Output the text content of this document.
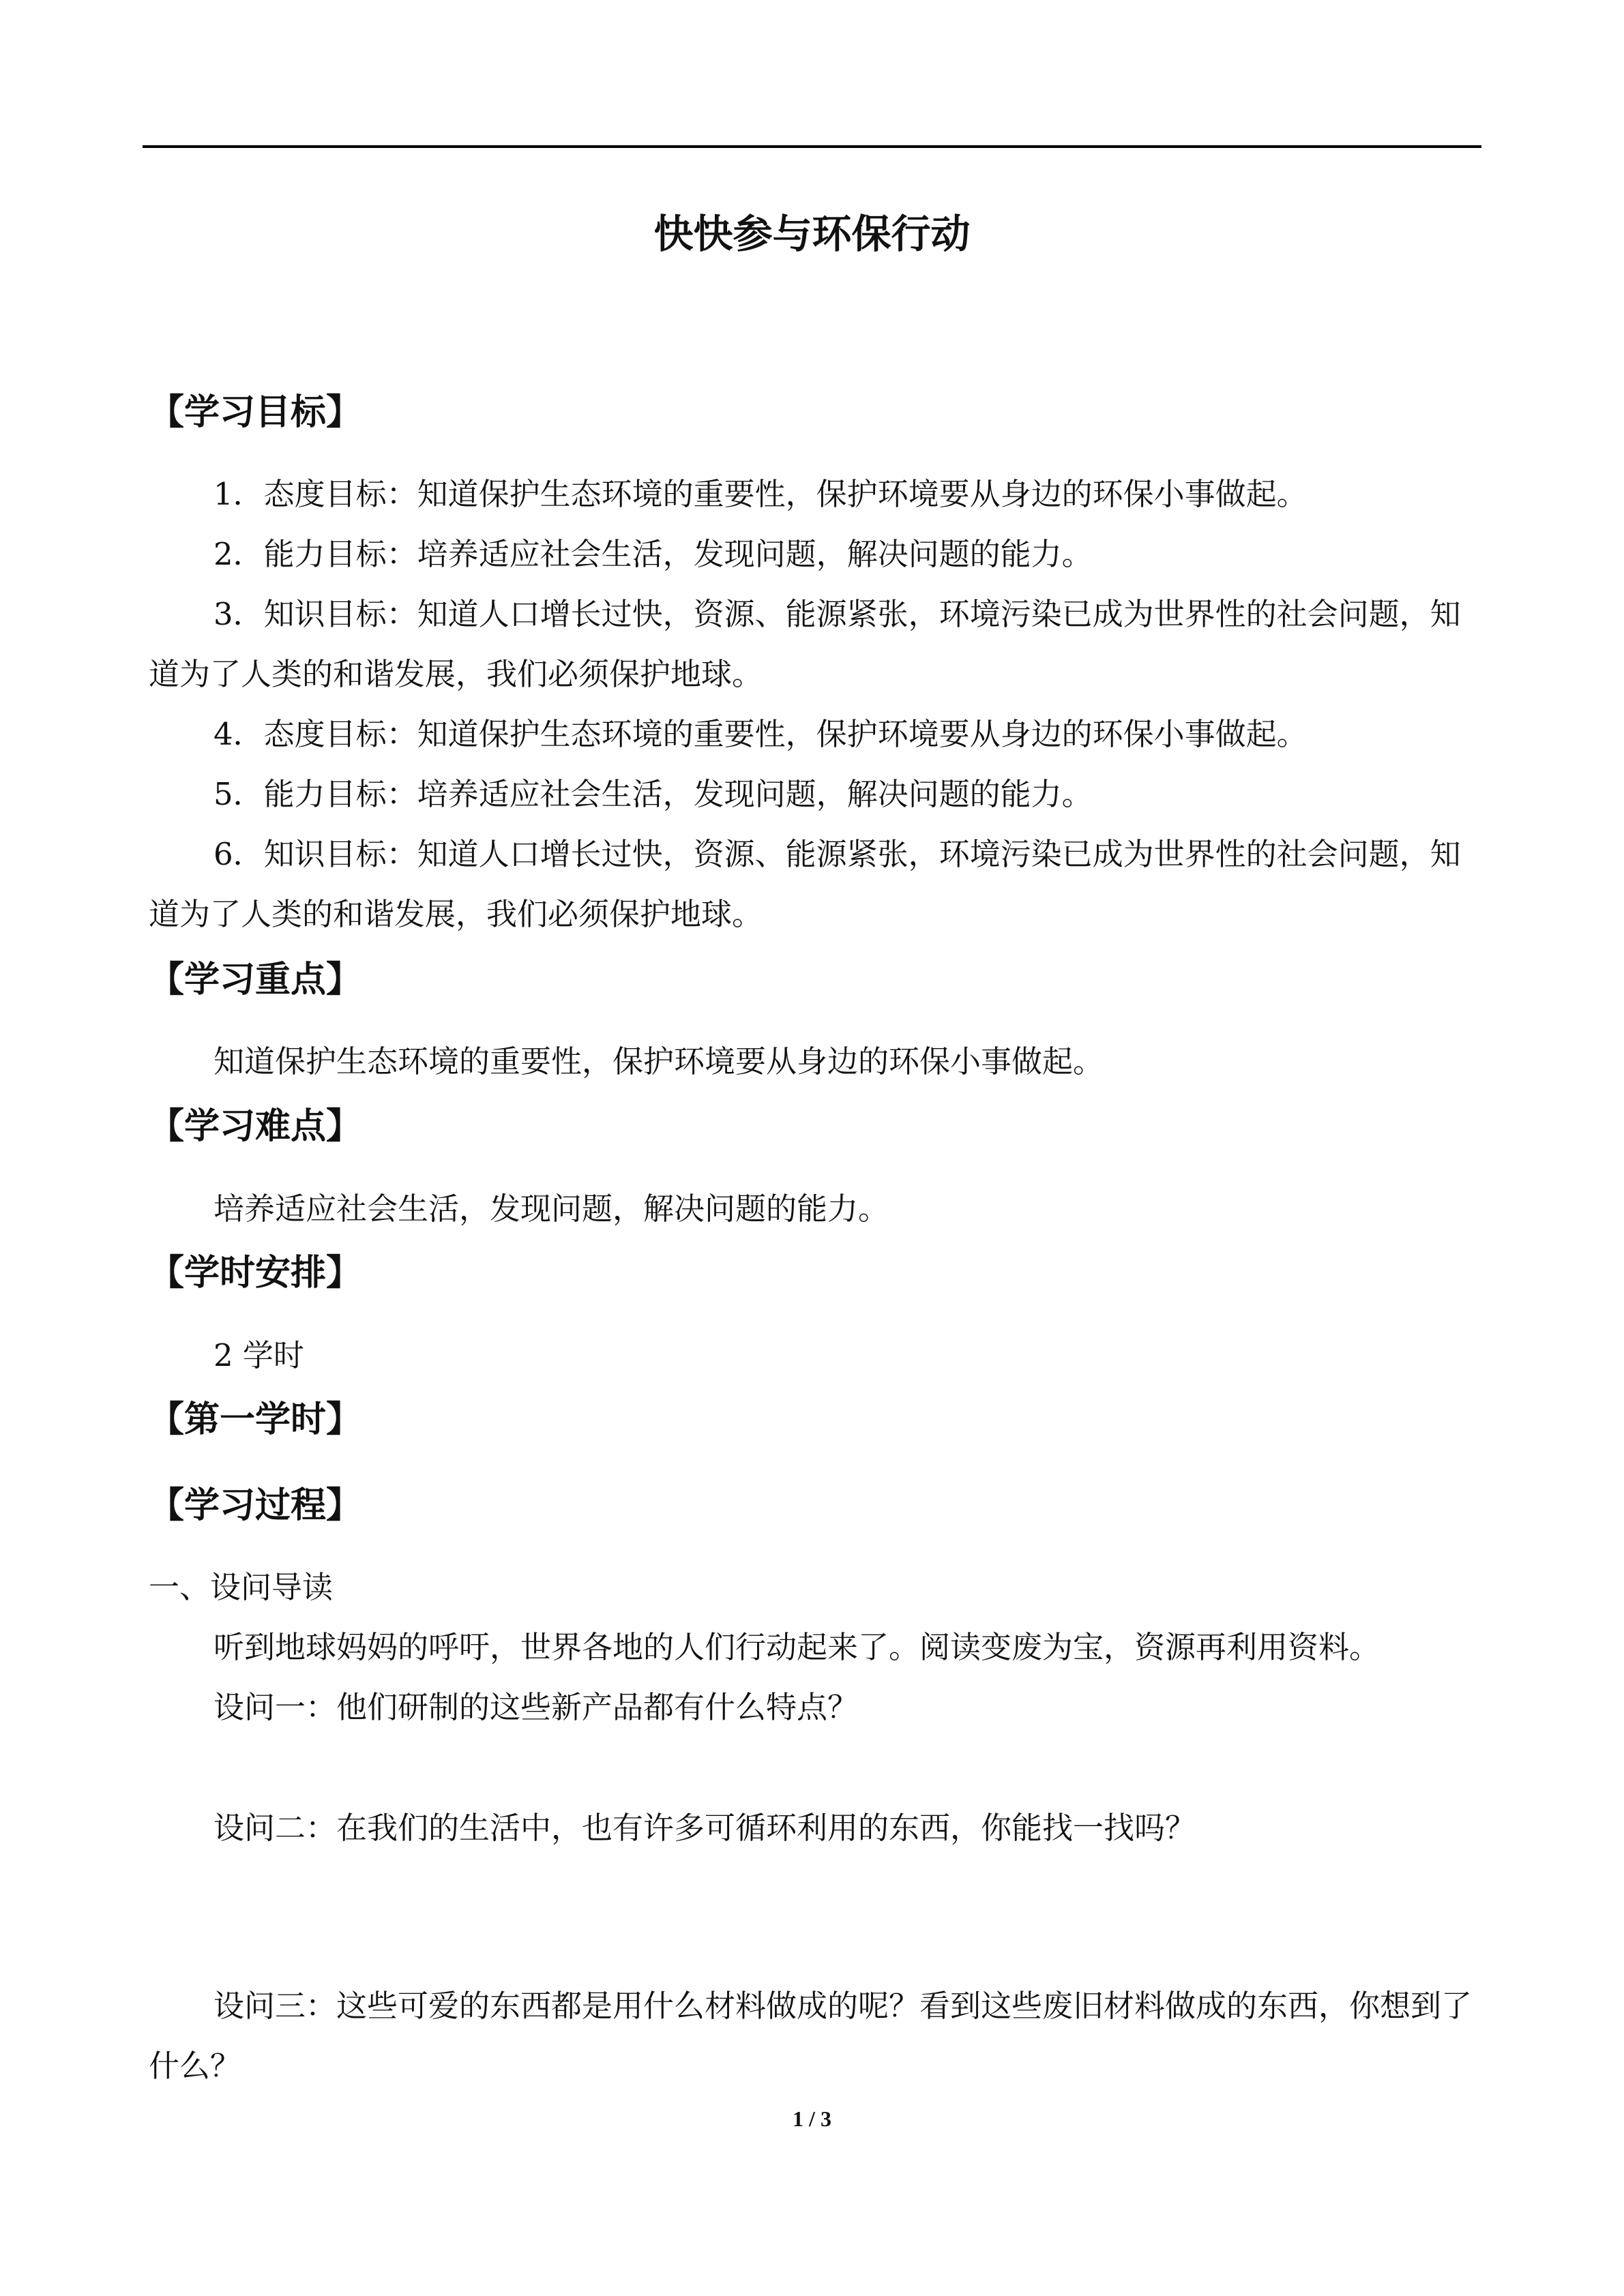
快快参与环保行动
【学习目标】

1．态度目标：知道保护生态环境的重要性，保护环境要从身边的环保小事做起。

2．能力目标：培养适应社会生活，发现问题，解决问题的能力。

3．知识目标：知道人口增长过快，资源、能源紧张，环境污染已成为世界性的社会问题，知道为了人类的和谐发展，我们必须保护地球。

4．态度目标：知道保护生态环境的重要性，保护环境要从身边的环保小事做起。

5．能力目标：培养适应社会生活，发现问题，解决问题的能力。

6．知识目标：知道人口增长过快，资源、能源紧张，环境污染已成为世界性的社会问题，知道为了人类的和谐发展，我们必须保护地球。

【学习重点】

知道保护生态环境的重要性，保护环境要从身边的环保小事做起。

【学习难点】

培养适应社会生活，发现问题，解决问题的能力。

【学时安排】

2 学时

【第一学时】
【学习过程】

一、设问导读

听到地球妈妈的呼吁，世界各地的人们行动起来了。阅读变废为宝，资源再利用资料。

设问一：他们研制的这些新产品都有什么特点？

设问二：在我们的生活中，也有许多可循环利用的东西，你能找一找吗？

设问三：这些可爱的东西都是用什么材料做成的呢？看到这些废旧材料做成的东西，你想到了什么？

1 / 3
